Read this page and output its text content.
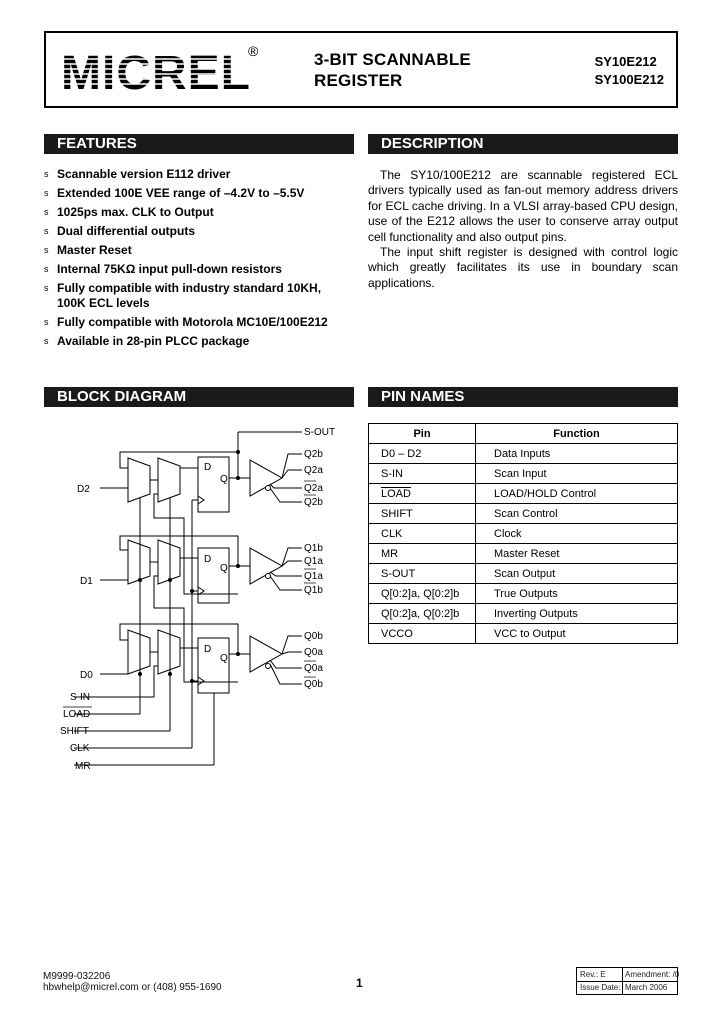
MICREL
®	3-BIT SCANNABLE
REGISTER
SY10E212
SY100E212
FEATURES
s Scannable version E112 driver
s Extended 100E VEE range of –4.2V to –5.5V
s 1025ps max. CLK to Output
s Dual differential outputs
s Master Reset
s Internal 75KΩ input pull-down resistors
s Fully compatible with industry standard 10KH, 100K ECL levels
s Fully compatible with Motorola MC10E/100E212
s Available in 28-pin PLCC package
DESCRIPTION

The SY10/100E212 are scannable registered ECL drivers typically used as fan-out memory address drivers for ECL cache driving. In a VLSI array-based CPU design, use of the E212 allows the user to conserve array output cell functionality and also output pins.

The input shift register is designed with control logic which greatly facilitates its use in boundary scan applications.

BLOCK DIAGRAM
D
Q
D
Q
D
Q
D2
D1
D0
S-IN
LOAD
SHIFT
CLK
MR
S-OUT
Q2b
Q2a
Q2a
Q2b
Q1b
Q1a
Q1a
Q1b
Q0b
Q0a
Q0a
Q0b
PIN NAMES
Pin	Function
D0 – D2	Data Inputs
S-IN	Scan Input
LOAD	LOAD/HOLD Control
SHIFT	Scan Control
CLK	Clock
MR	Master Reset
S-OUT	Scan Output
Q[0:2]a, Q[0:2]b	True Outputs
Q[0:2]a, Q[0:2]b	Inverting Outputs
VCCO	VCC to Output
M9999-032206
hbwhelp@micrel.com or (408) 955-1690	1
Rev.: E Amendment: /0
Issue Date: March 2006
